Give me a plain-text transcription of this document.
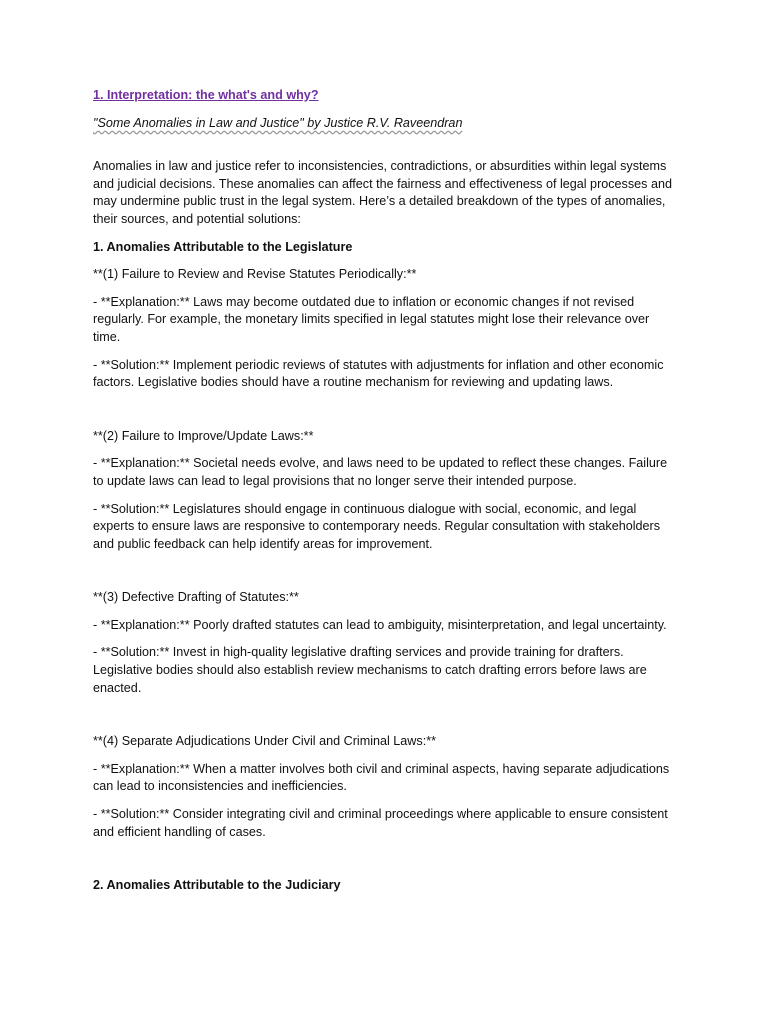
1. Interpretation: the what's and why?

"Some Anomalies in Law and Justice" by Justice R.V. Raveendran

Anomalies in law and justice refer to inconsistencies, contradictions, or absurdities within legal systems and judicial decisions. These anomalies can affect the fairness and effectiveness of legal processes and may undermine public trust in the legal system. Here’s a detailed breakdown of the types of anomalies, their sources, and potential solutions:

1. Anomalies Attributable to the Legislature

**(1) Failure to Review and Revise Statutes Periodically:**

- **Explanation:** Laws may become outdated due to inflation or economic changes if not revised regularly. For example, the monetary limits specified in legal statutes might lose their relevance over time.

- **Solution:** Implement periodic reviews of statutes with adjustments for inflation and other economic factors. Legislative bodies should have a routine mechanism for reviewing and updating laws.

**(2) Failure to Improve/Update Laws:**

- **Explanation:** Societal needs evolve, and laws need to be updated to reflect these changes. Failure to update laws can lead to legal provisions that no longer serve their intended purpose.

- **Solution:** Legislatures should engage in continuous dialogue with social, economic, and legal experts to ensure laws are responsive to contemporary needs. Regular consultation with stakeholders and public feedback can help identify areas for improvement.

**(3) Defective Drafting of Statutes:**

- **Explanation:** Poorly drafted statutes can lead to ambiguity, misinterpretation, and legal uncertainty.

- **Solution:** Invest in high-quality legislative drafting services and provide training for drafters. Legislative bodies should also establish review mechanisms to catch drafting errors before laws are enacted.

**(4) Separate Adjudications Under Civil and Criminal Laws:**

- **Explanation:** When a matter involves both civil and criminal aspects, having separate adjudications can lead to inconsistencies and inefficiencies.

- **Solution:** Consider integrating civil and criminal proceedings where applicable to ensure consistent and efficient handling of cases.

2. Anomalies Attributable to the Judiciary
